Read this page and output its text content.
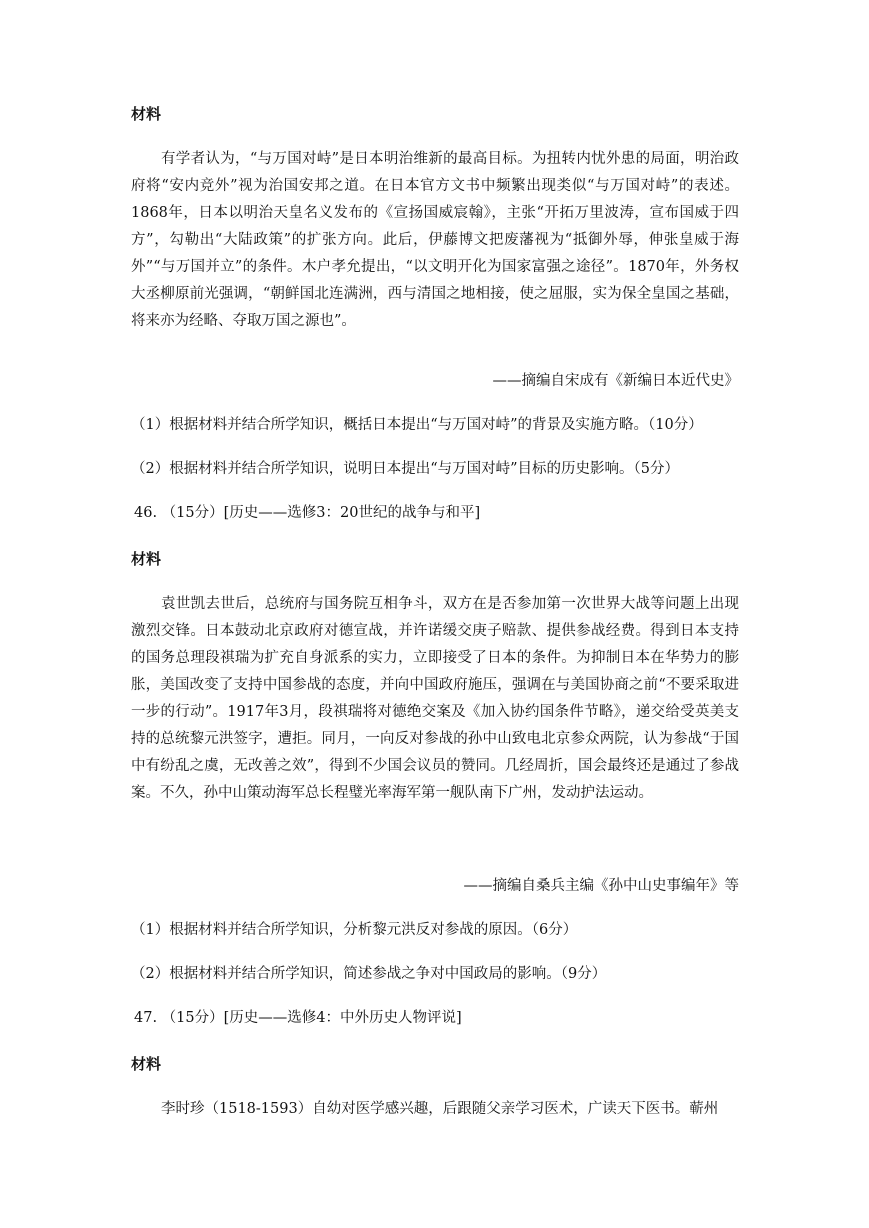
材料

有学者认为，“与万国对峙”是日本明治维新的最高目标。为扭转内忧外患的局面，明治政府将“安内竞外”视为治国安邦之道。在日本官方文书中频繁出现类似“与万国对峙”的表述。1868年，日本以明治天皇名义发布的《宣扬国威宸翰》，主张“开拓万里波涛，宣布国威于四方”，勾勒出“大陆政策”的扩张方向。此后，伊藤博文把废藩视为“抵御外辱，伸张皇威于海外”“与万国并立”的条件。木户孝允提出，“以文明开化为国家富强之途径”。1870年，外务权大丞柳原前光强调，“朝鲜国北连满洲，西与清国之地相接，使之屈服，实为保全皇国之基础，将来亦为经略、夺取万国之源也”。

——摘编自宋成有《新编日本近代史》

（1）根据材料并结合所学知识，概括日本提出“与万国对峙”的背景及实施方略。（10分）

（2）根据材料并结合所学知识，说明日本提出“与万国对峙”目标的历史影响。（5分）

46. （15分）[历史——选修3：20世纪的战争与和平]

材料

袁世凯去世后，总统府与国务院互相争斗，双方在是否参加第一次世界大战等问题上出现激烈交锋。日本鼓动北京政府对德宣战，并许诺缓交庚子赔款、提供参战经费。得到日本支持的国务总理段祺瑞为扩充自身派系的实力，立即接受了日本的条件。为抑制日本在华势力的膨胀，美国改变了支持中国参战的态度，并向中国政府施压，强调在与美国协商之前“不要采取进一步的行动”。1917年3月，段祺瑞将对德绝交案及《加入协约国条件节略》，递交给受英美支持的总统黎元洪签字，遭拒。同月，一向反对参战的孙中山致电北京参众两院，认为参战“于国中有纷乱之虞，无改善之效”，得到不少国会议员的赞同。几经周折，国会最终还是通过了参战案。不久，孙中山策动海军总长程璧光率海军第一舰队南下广州，发动护法运动。

——摘编自桑兵主编《孙中山史事编年》等

（1）根据材料并结合所学知识，分析黎元洪反对参战的原因。（6分）

（2）根据材料并结合所学知识，简述参战之争对中国政局的影响。（9分）

47. （15分）[历史——选修4：中外历史人物评说]

材料

李时珍（1518-1593）自幼对医学感兴趣，后跟随父亲学习医术，广读天下医书。蕲州
